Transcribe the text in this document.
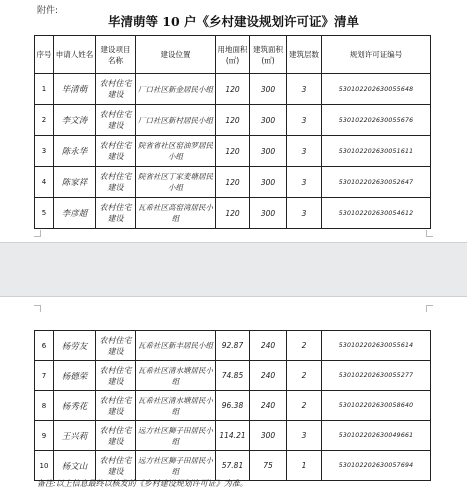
附件:
毕清萌等 10 户《乡村建设规划许可证》清单
序号	申请人姓名	建设项目名称	建设位置	用地面积(㎡)	建筑面积(㎡)	建筑层数	规划许可证编号
1	毕清萌	农村住宅建设	厂口社区新金居民小组	120	300	3	530102202630055648
2	李文涛	农村住宅建设	厂口社区新村居民小组	120	300	3	530102202630055676
3	陈永华	农村住宅建设	院省省社区窑油罗居民小组	120	300	3	530102202630051611
4	陈家祥	农村住宅建设	院省社区丁家麦塘居民小组	120	300	3	530102202630052647
5	李彦超	农村住宅建设	瓦希社区高窑湾居民小组	120	300	3	530102202630054612
6	杨劳友	农村住宅建设	瓦希社区新丰居民小组	92.87	240	2	530102202630055614
7	杨德荣	农村住宅建设	瓦希社区清水塘居民小组	74.85	240	2	530102202630055277
8	杨秀花	农村住宅建设	瓦希社区清水塘居民小组	96.38	240	2	530102202630058640
9	王兴莉	农村住宅建设	远方社区狮子田居民小组	114.21	300	3	530102202630049661
10	杨文山	农村住宅建设	远方社区狮子田居民小组	57.81	75	1	530102202630057694
备注:以上信息最终以核发的《乡村建设规划许可证》为准。
